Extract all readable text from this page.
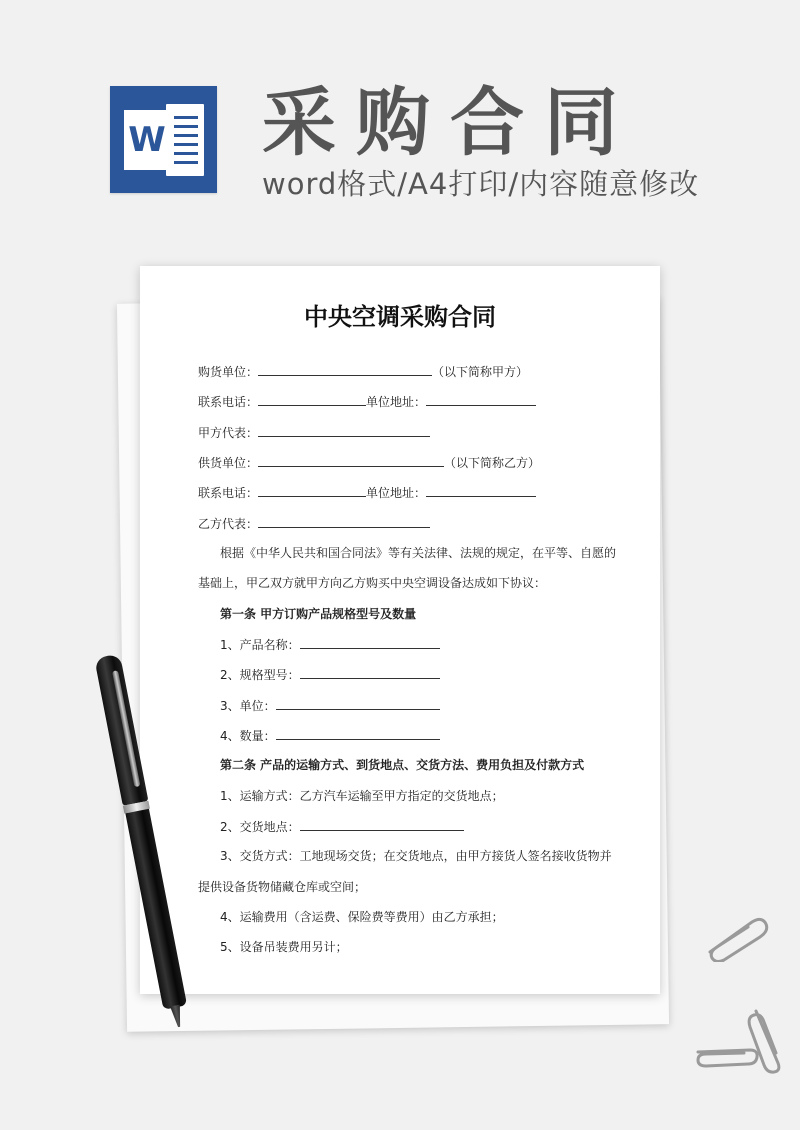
W 采购合同
word格式/A4打印/内容随意修改
中央空调采购合同
购货单位：	（以下简称甲方）
联系电话：	单位地址：
甲方代表：
供货单位：	（以下简称乙方）
联系电话：	单位地址：
乙方代表：
根据《中华人民共和国合同法》等有关法律、法规的规定，在平等、自愿的
基础上，甲乙双方就甲方向乙方购买中央空调设备达成如下协议：
第一条 甲方订购产品规格型号及数量
1、产品名称：
2、规格型号：
3、单位：
4、数量：
第二条 产品的运输方式、到货地点、交货方法、费用负担及付款方式
1、运输方式：乙方汽车运输至甲方指定的交货地点；
2、交货地点：
3、交货方式：工地现场交货；在交货地点，由甲方接货人签名接收货物并
提供设备货物储藏仓库或空间；
4、运输费用（含运费、保险费等费用）由乙方承担；
5、设备吊装费用另计；
